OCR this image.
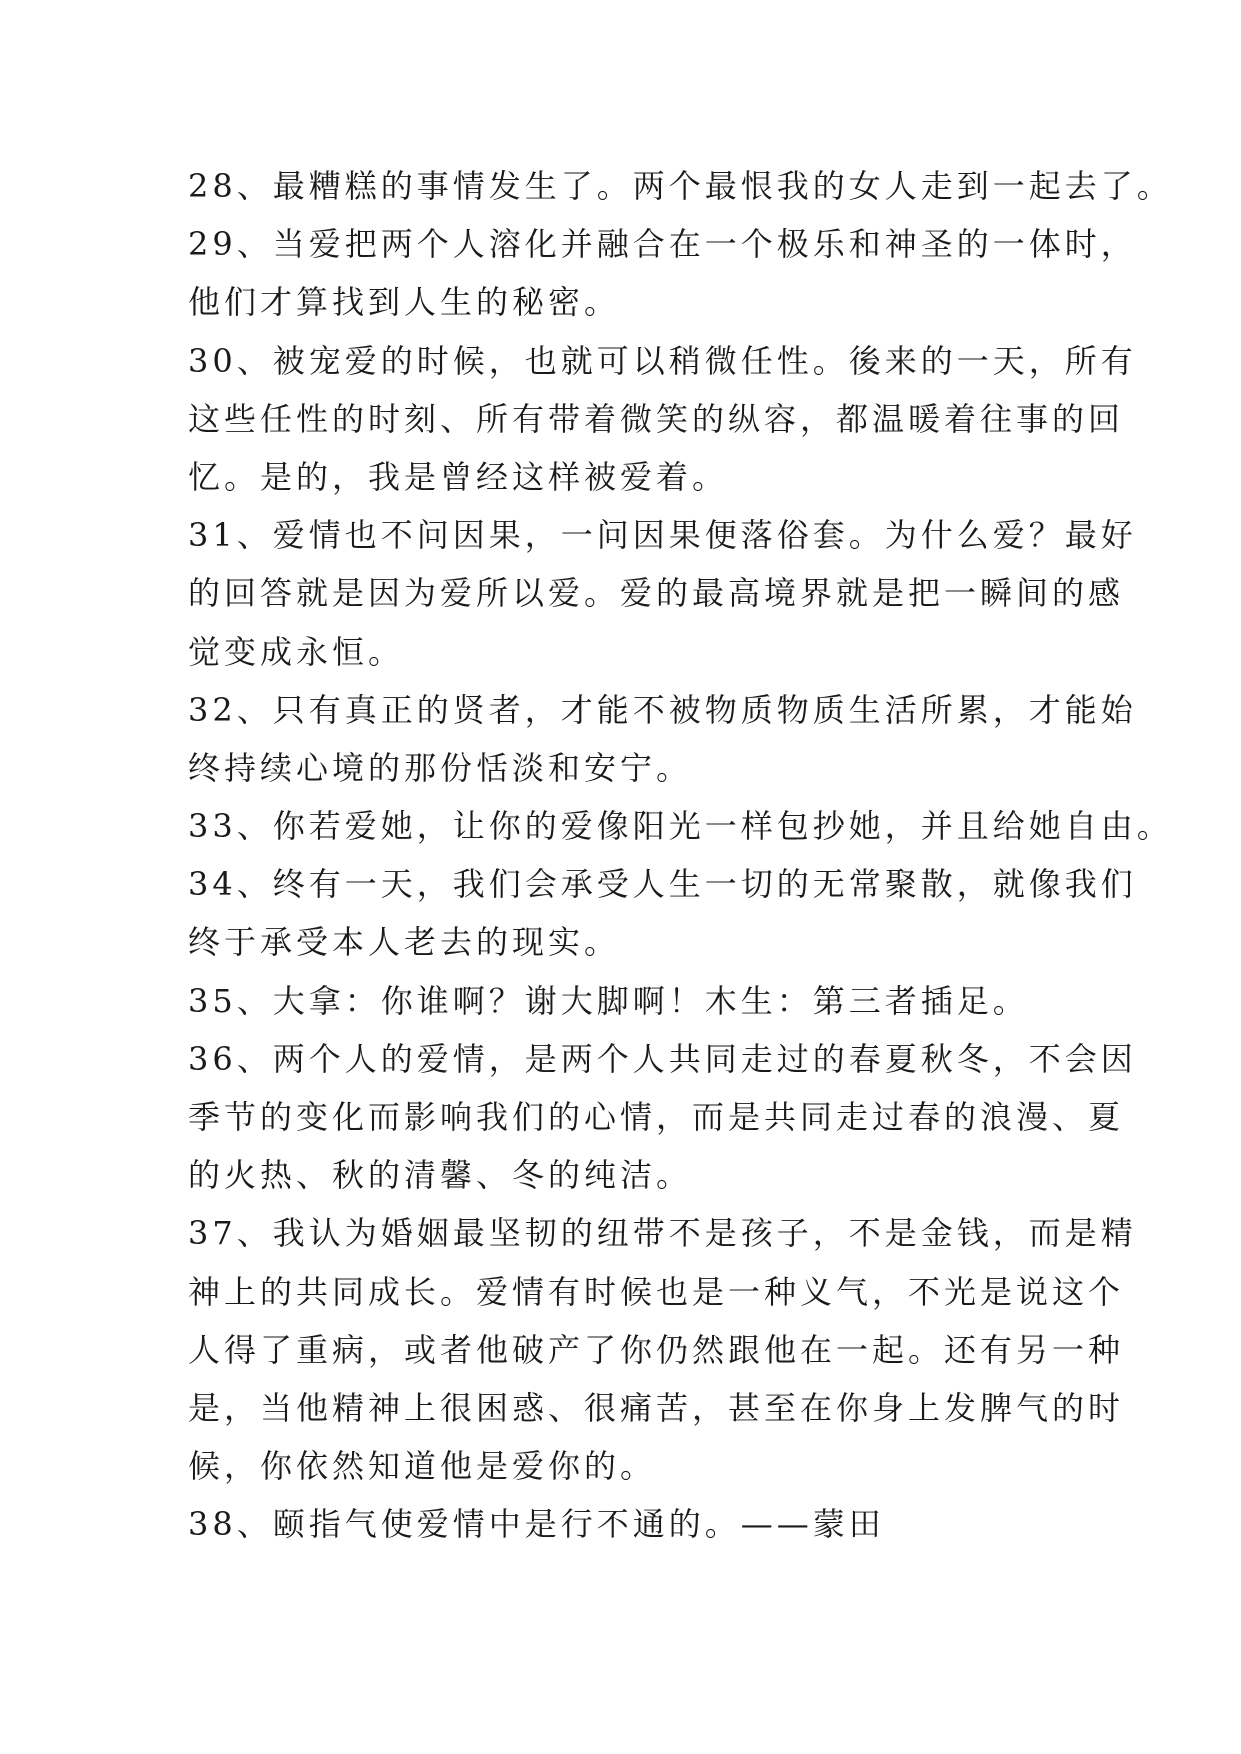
28、最糟糕的事情发生了。两个最恨我的女人走到一起去了。
29、当爱把两个人溶化并融合在一个极乐和神圣的一体时，
他们才算找到人生的秘密。
30、被宠爱的时候，也就可以稍微任性。後来的一天，所有
这些任性的时刻、所有带着微笑的纵容，都温暖着往事的回
忆。是的，我是曾经这样被爱着。
31、爱情也不问因果，一问因果便落俗套。为什么爱？最好
的回答就是因为爱所以爱。爱的最高境界就是把一瞬间的感
觉变成永恒。
32、只有真正的贤者，才能不被物质物质生活所累，才能始
终持续心境的那份恬淡和安宁。
33、你若爱她，让你的爱像阳光一样包抄她，并且给她自由。
34、终有一天，我们会承受人生一切的无常聚散，就像我们
终于承受本人老去的现实。
35、大拿：你谁啊？谢大脚啊！木生：第三者插足。
36、两个人的爱情，是两个人共同走过的春夏秋冬，不会因
季节的变化而影响我们的心情，而是共同走过春的浪漫、夏
的火热、秋的清馨、冬的纯洁。
37、我认为婚姻最坚韧的纽带不是孩子，不是金钱，而是精
神上的共同成长。爱情有时候也是一种义气，不光是说这个
人得了重病，或者他破产了你仍然跟他在一起。还有另一种
是，当他精神上很困惑、很痛苦，甚至在你身上发脾气的时
候，你依然知道他是爱你的。
38、颐指气使爱情中是行不通的。——蒙田
